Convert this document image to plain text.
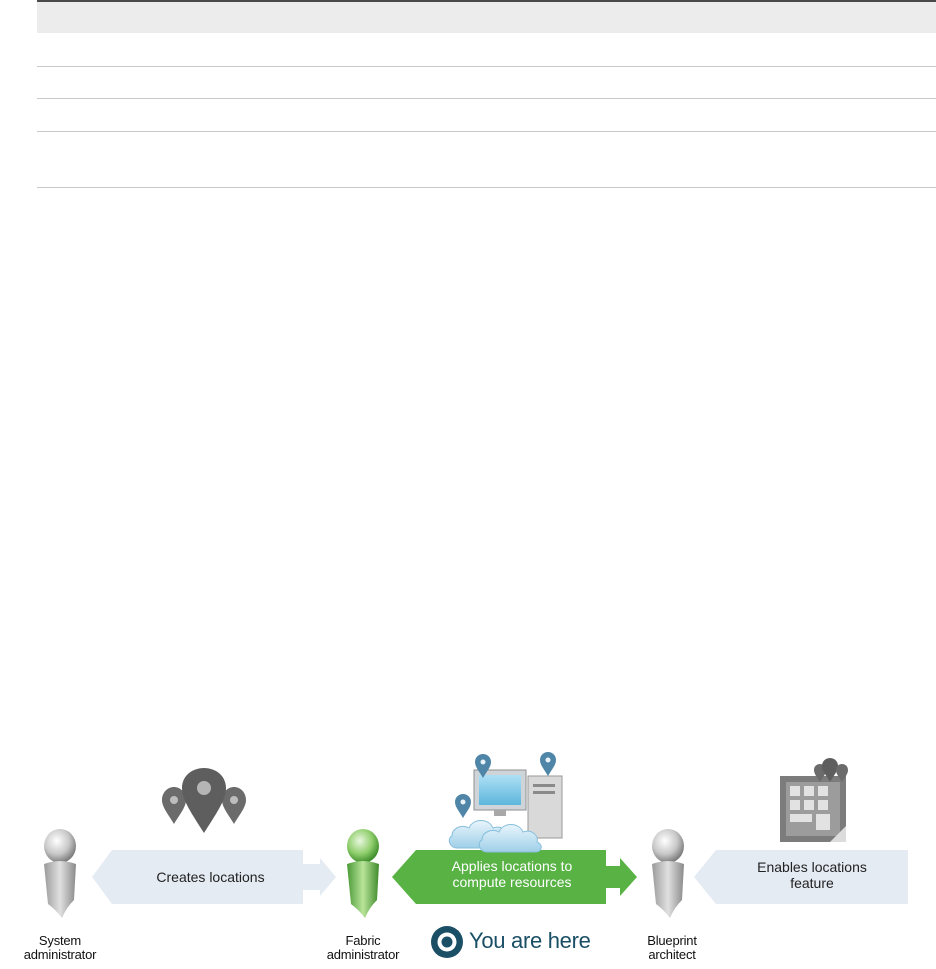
Creates locations
Applies locations to
compute resources
Enables locations
feature
System
administrator
Fabric
administrator
Blueprint
architect
You are here
